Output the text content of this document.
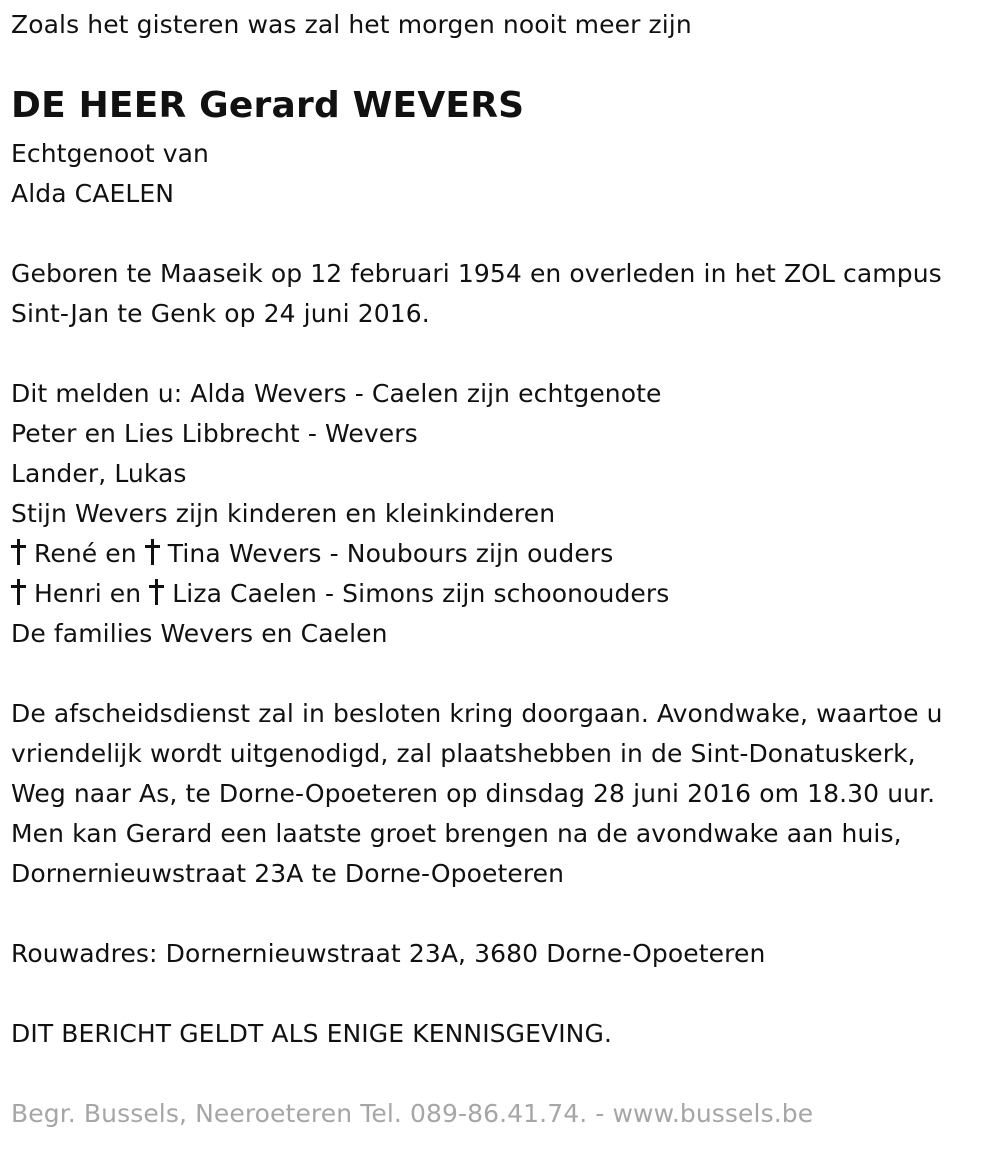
Zoals het gisteren was zal het morgen nooit meer zijn
DE HEER Gerard WEVERS
Echtgenoot van
Alda CAELEN
Geboren te Maaseik op 12 februari 1954 en overleden in het ZOL campus
Sint-Jan te Genk op 24 juni 2016.
Dit melden u: Alda Wevers - Caelen zijn echtgenote
Peter en Lies Libbrecht - Wevers
Lander, Lukas
Stijn Wevers zijn kinderen en kleinkinderen
René en Tina Wevers - Noubours zijn ouders
Henri en Liza Caelen - Simons zijn schoonouders
De families Wevers en Caelen
De afscheidsdienst zal in besloten kring doorgaan. Avondwake, waartoe u
vriendelijk wordt uitgenodigd, zal plaatshebben in de Sint-Donatuskerk,
Weg naar As, te Dorne-Opoeteren op dinsdag 28 juni 2016 om 18.30 uur.
Men kan Gerard een laatste groet brengen na de avondwake aan huis,
Dornernieuwstraat 23A te Dorne-Opoeteren
Rouwadres: Dornernieuwstraat 23A, 3680 Dorne-Opoeteren
DIT BERICHT GELDT ALS ENIGE KENNISGEVING.
Begr. Bussels, Neeroeteren Tel. 089-86.41.74. - www.bussels.be
